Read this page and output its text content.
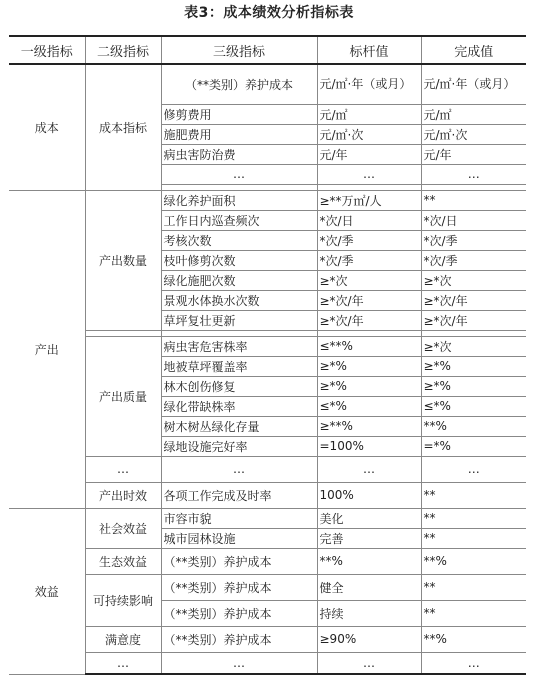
表3：成本绩效分析指标表
一级指标	二级指标	三级指标	标杆值	完成值
成本	成本指标	（**类别）养护成本	元/㎡·年（或月）	元/㎡·年（或月）
		修剪费用	元/㎡	元/㎡
		施肥费用	元/㎡·次	元/㎡·次
		病虫害防治费	元/年	元/年
		…	…	…

产出	产出数量	绿化养护面积	≥**万㎡/人	**
		工作日内巡查频次	*次/日	*次/日
		考核次数	*次/季	*次/季
		枝叶修剪次数	*次/季	*次/季
		绿化施肥次数	≥*次	≥*次
		景观水体换水次数	≥*次/年	≥*次/年
		草坪复壮更新	≥*次/年	≥*次/年

	产出质量	病虫害危害株率	≤**%	≥*次
		地被草坪覆盖率	≥*%	≥*%
		林木创伤修复	≥*%	≥*%
		绿化带缺株率	≤*%	≤*%
		树木树丛绿化存量	≥**%	**%
		绿地设施完好率	=100%	=*%
	…	…	…	…
	产出时效	各项工作完成及时率	100%	**
效益	社会效益	市容市貌	美化	**
		城市园林设施	完善	**
	生态效益	（**类别）养护成本	**%	**%
	可持续影响	（**类别）养护成本	健全	**
		（**类别）养护成本	持续	**
	满意度	（**类别）养护成本	≥90%	**%
	…	…	…	…
